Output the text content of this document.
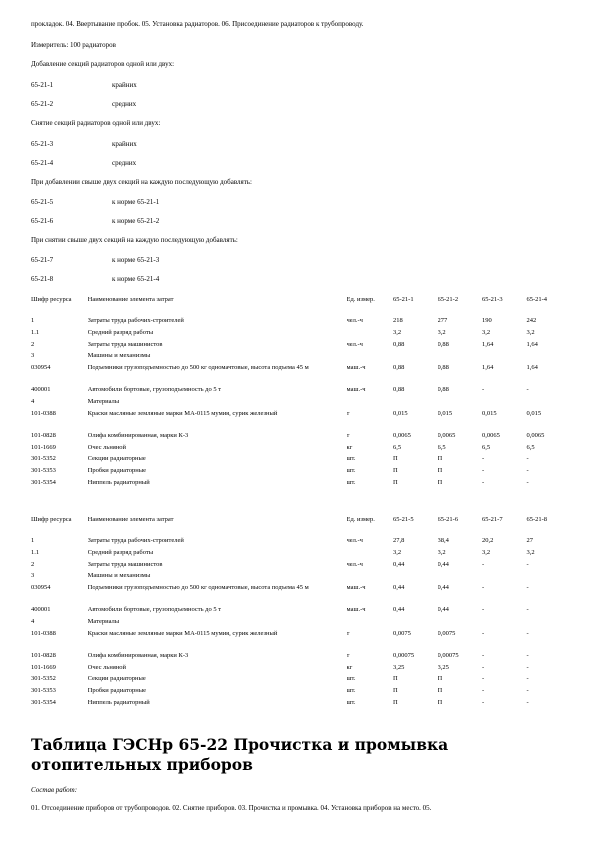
прокладок. 04. Ввертывание пробок. 05. Установка радиаторов. 06. Присоединение радиаторов к трубопроводу.
Измеритель: 100 радиаторов
Добавление секций радиаторов одной или двух:
65-21-1	крайних
65-21-2	средних
Снятие секций радиаторов одной или двух:
65-21-3	крайних
65-21-4	средних
При добавлении свыше двух секций на каждую последующую добавлять:
65-21-5	к норме 65-21-1
65-21-6	к норме 65-21-2
При снятии свыше двух секций на каждую последующую добавлять:
65-21-7	к норме 65-21-3
65-21-8	к норме 65-21-4
Шифр ресурса	Наименование элемента затрат	Ед. измер.	65-21-1	65-21-2	65-21-3	65-21-4
1	Затраты труда рабочих-строителей	чел.-ч	218	277	190	242
1.1	Средний разряд работы		3,2	3,2	3,2	3,2
2	Затраты труда машинистов	чел.-ч	0,88	0,88	1,64	1,64
3	Машины и механизмы					
030954	Подъемники грузоподъемностью до 500 кг одномачтовые, высота подъема 45 м	маш.-ч	0,88	0,88	1,64	1,64
400001	Автомобили бортовые, грузоподъемность до 5 т	маш.-ч	0,88	0,88	-	-
4	Материалы					
101-0388	Краски масляные земляные марки МА-0115 мумия, сурик железный	т	0,015	0,015	0,015	0,015
101-0828	Олифа комбинированная, марки К-3	т	0,0065	0,0065	0,0065	0,0065
101-1669	Очес льняной	кг	6,5	6,5	6,5	6,5
301-5352	Секции радиаторные	шт.	П	П	-	-
301-5353	Пробки радиаторные	шт.	П	П	-	-
301-5354	Ниппель радиаторный	шт.	П	П	-	-
Шифр ресурса	Наименование элемента затрат	Ед. измер.	65-21-5	65-21-6	65-21-7	65-21-8
1	Затраты труда рабочих-строителей	чел.-ч	27,8	38,4	20,2	27
1.1	Средний разряд работы		3,2	3,2	3,2	3,2
2	Затраты труда машинистов	чел.-ч	0,44	0,44	-	-
3	Машины и механизмы					
030954	Подъемники грузоподъемностью до 500 кг одномачтовые, высота подъема 45 м	маш.-ч	0,44	0,44	-	-
400001	Автомобили бортовые, грузоподъемность до 5 т	маш.-ч	0,44	0,44	-	-
4	Материалы					
101-0388	Краски масляные земляные марки МА-0115 мумия, сурик железный	т	0,0075	0,0075	-	-
101-0828	Олифа комбинированная, марки К-3	т	0,00075	0,00075	-	-
101-1669	Очес льняной	кг	3,25	3,25	-	-
301-5352	Секции радиаторные	шт.	П	П	-	-
301-5353	Пробки радиаторные	шт.	П	П	-	-
301-5354	Ниппель радиаторный	шт.	П	П	-	-
Таблица ГЭСНр 65-22 Прочистка и промывка отопительных приборов
Состав работ:
01. Отсоединение приборов от трубопроводов. 02. Снятие приборов. 03. Прочистка и промывка. 04. Установка приборов на место. 05.
